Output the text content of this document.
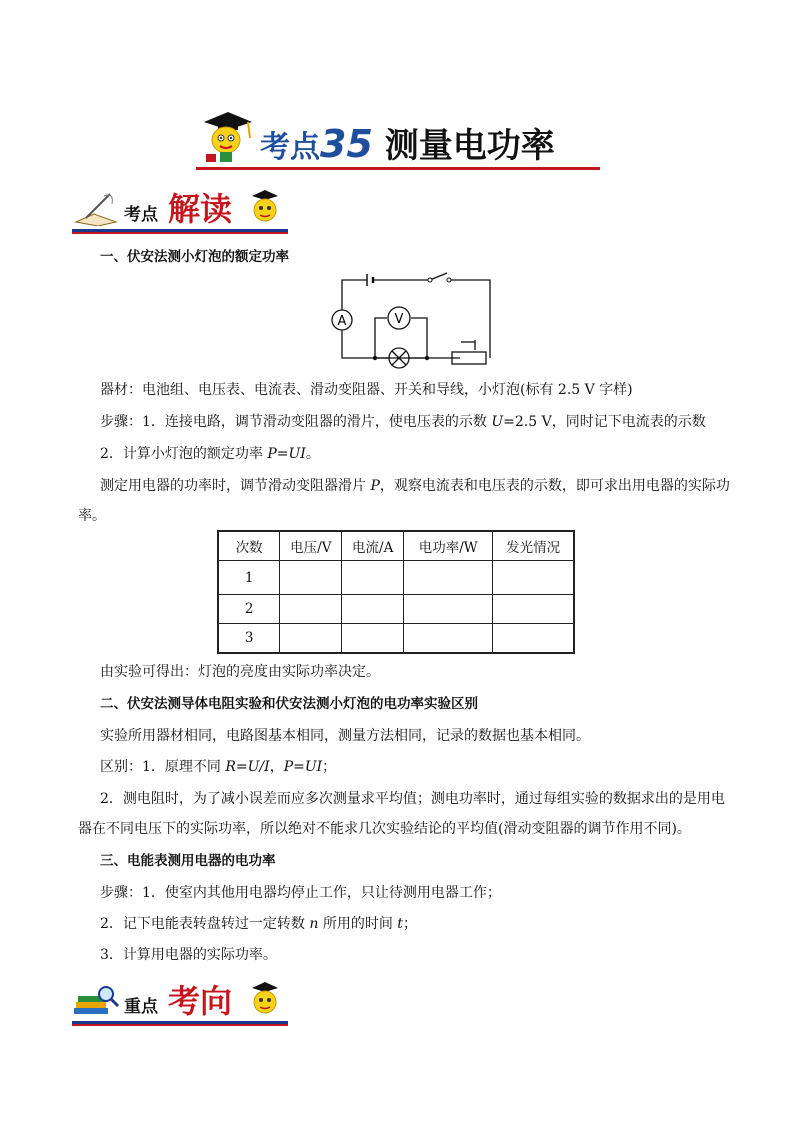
考点35 测量电功率
考点 解读
一、伏安法测小灯泡的额定功率
A	V
器材：电池组、电压表、电流表、滑动变阻器、开关和导线，小灯泡(标有 2.5 V 字样)
步骤：1．连接电路，调节滑动变阻器的滑片，使电压表的示数 U=2.5 V，同时记下电流表的示数
2．计算小灯泡的额定功率 P=UI。
测定用电器的功率时，调节滑动变阻器滑片 P，观察电流表和电压表的示数，即可求出用电器的实际功
率。
次数	电压/V	电流/A	电功率/W	发光情况
1				
2				
3				
由实验可得出：灯泡的亮度由实际功率决定。
二、伏安法测导体电阻实验和伏安法测小灯泡的电功率实验区别
实验所用器材相同，电路图基本相同，测量方法相同，记录的数据也基本相同。
区别：1．原理不同 R=U/I，P=UI；
2．测电阻时，为了减小误差而应多次测量求平均值；测电功率时，通过每组实验的数据求出的是用电
器在不同电压下的实际功率，所以绝对不能求几次实验结论的平均值(滑动变阻器的调节作用不同)。
三、电能表测用电器的电功率
步骤：1．使室内其他用电器均停止工作，只让待测用电器工作；
2．记下电能表转盘转过一定转数 n 所用的时间 t；
3．计算用电器的实际功率。
重点 考向
